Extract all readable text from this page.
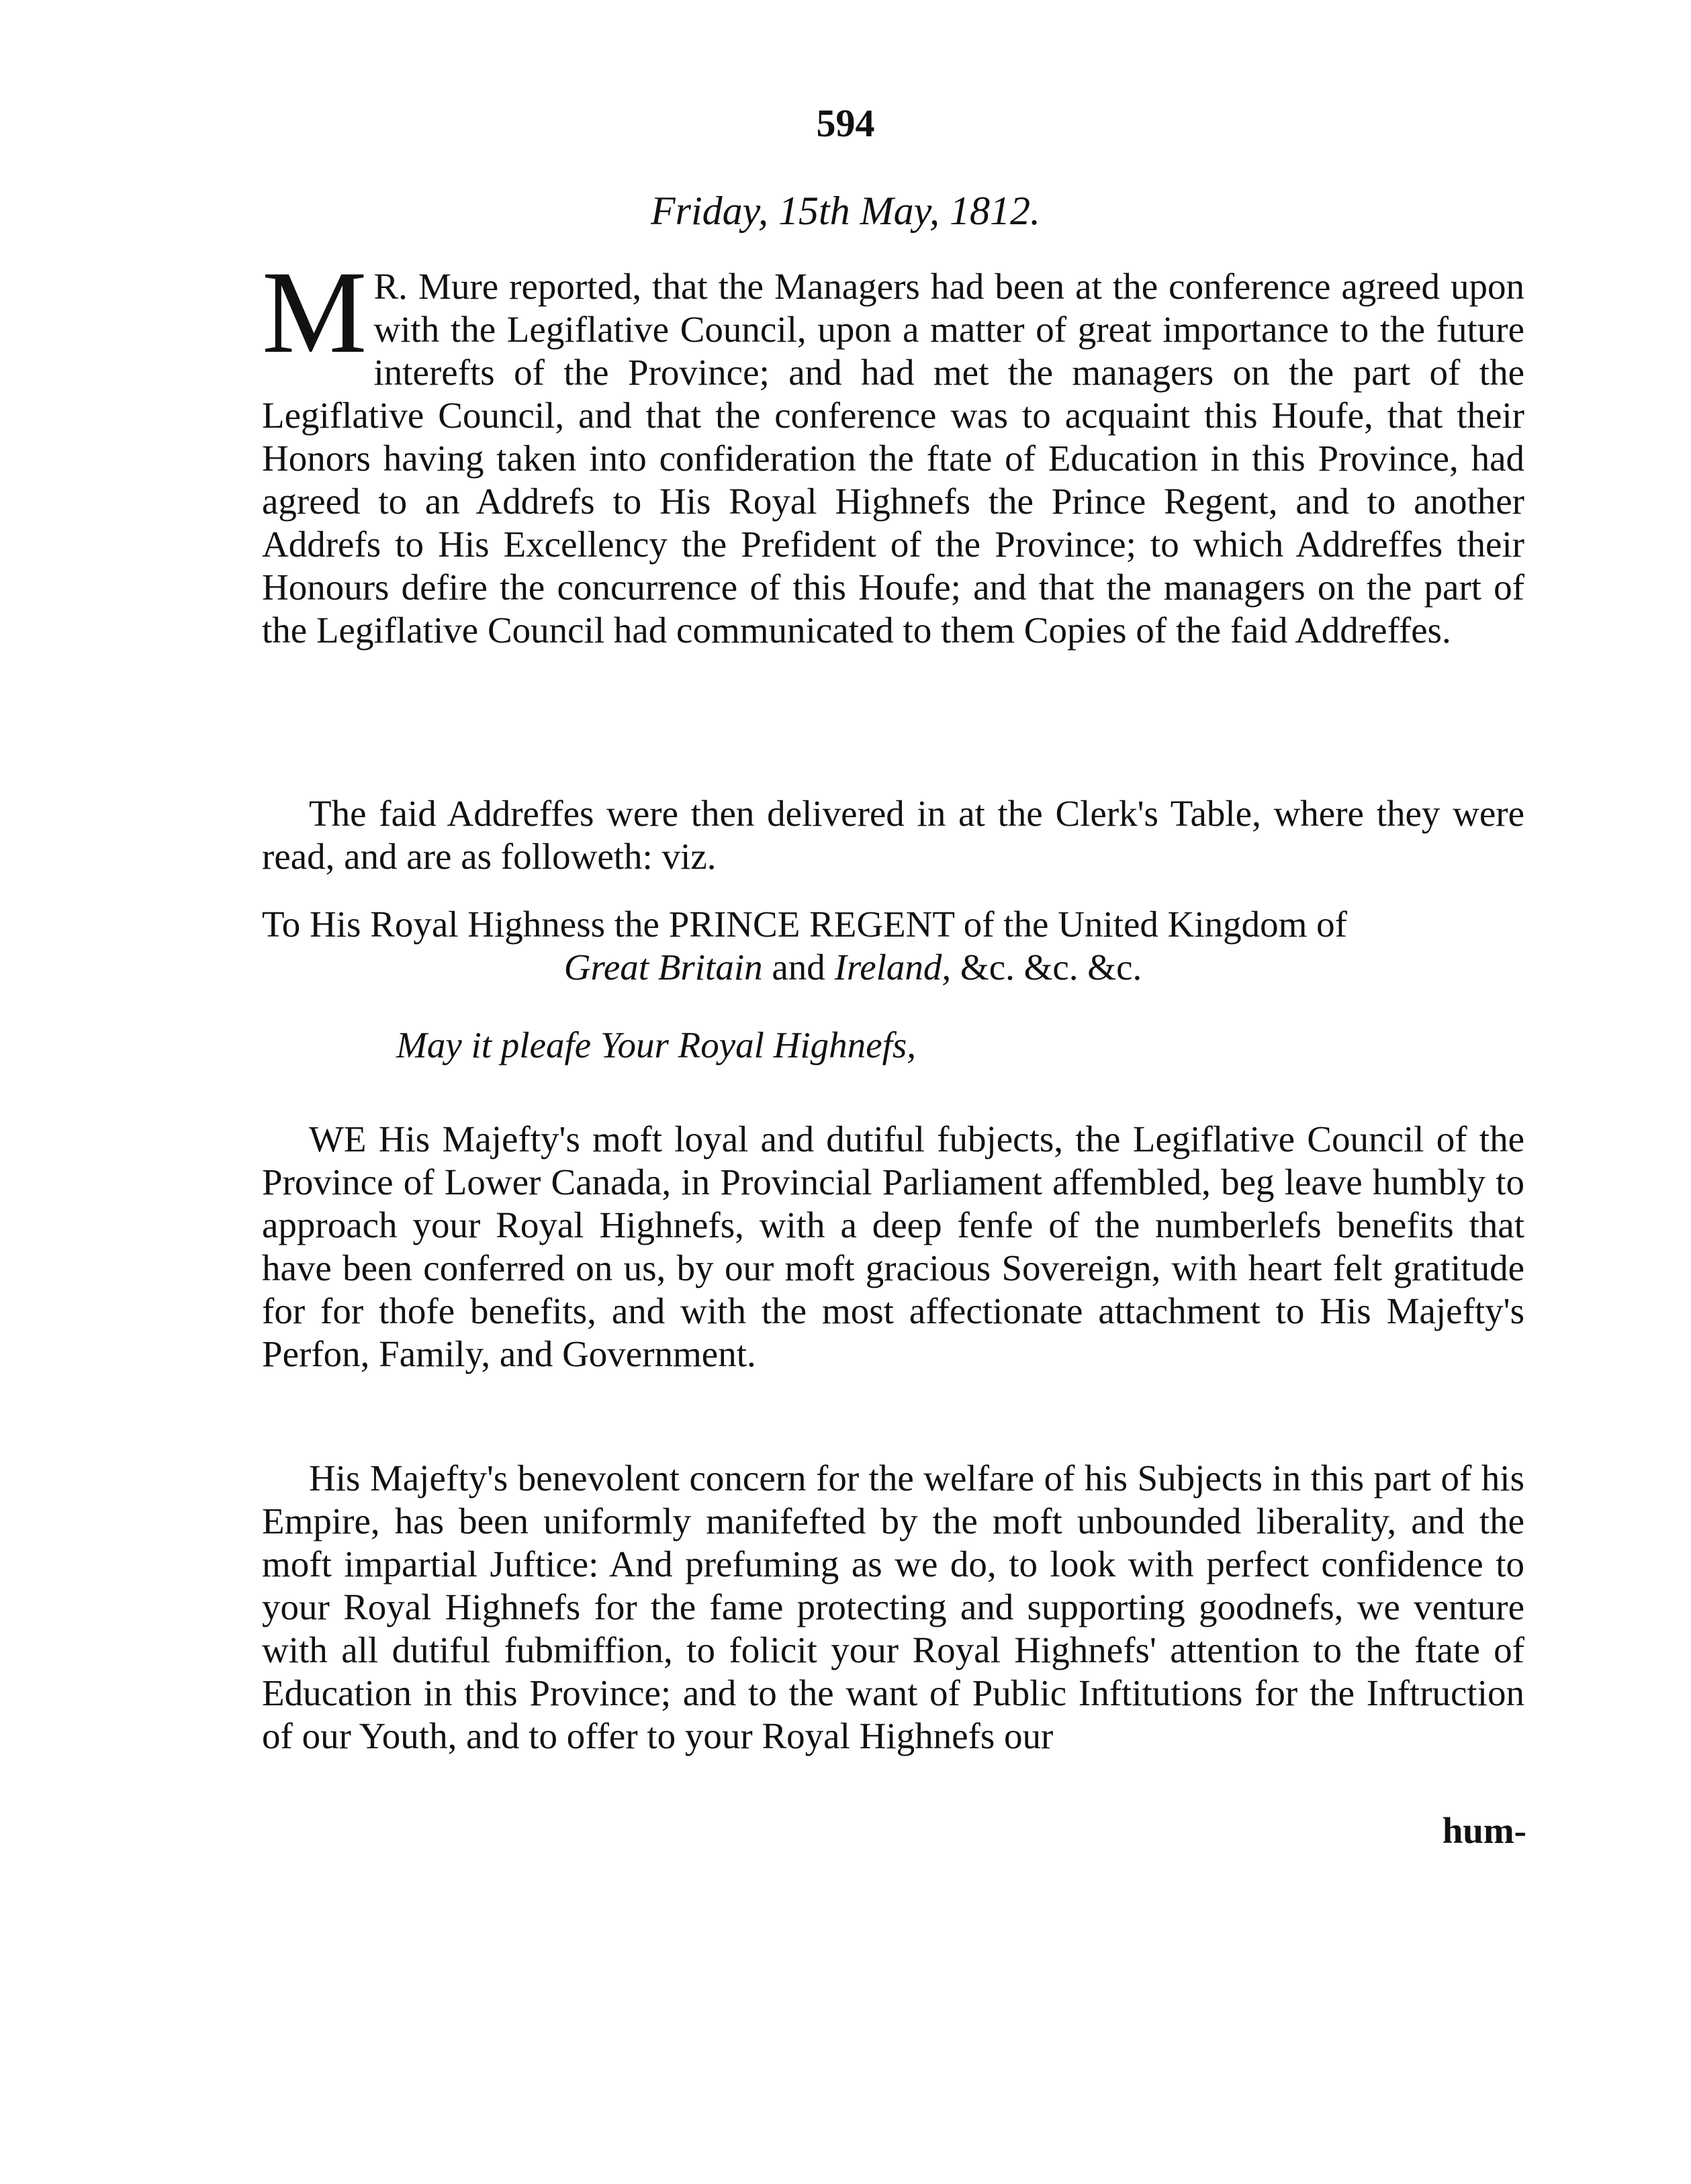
594

Friday, 15th May, 1812.

M R. Mure reported, that the Managers had been at the conference agreed upon with the Legiflative Council, upon a matter of great importance to the future interefts of the Province; and had met the managers on the part of the Legiflative Council, and that the conference was to acquaint this Houfe, that their Honors having taken into confideration the ftate of Education in this Province, had agreed to an Addrefs to His Royal Highnefs the Prince Regent, and to another Addrefs to His Excellency the Prefident of the Province; to which Addreffes their Honours defire the concurrence of this Houfe; and that the managers on the part of the Legiflative Council had communicated to them Copies of the faid Addreffes.

The faid Addreffes were then delivered in at the Clerk's Table, where they were read, and are as followeth: viz.

To His Royal Highness the PRINCE REGENT of the United Kingdom of
Great Britain and Ireland, &c. &c. &c.

May it pleafe Your Royal Highnefs,

WE His Majefty's moft loyal and dutiful fubjects, the Legiflative Council of the Province of Lower Canada, in Provincial Parliament affembled, beg leave humbly to approach your Royal Highnefs, with a deep fenfe of the numberlefs benefits that have been conferred on us, by our moft gracious Sovereign, with heart felt gratitude for for thofe benefits, and with the most affectionate attachment to His Majefty's Perfon, Family, and Government.

His Majefty's benevolent concern for the welfare of his Subjects in this part of his Empire, has been uniformly manifefted by the moft unbounded liberality, and the moft impartial Juftice: And prefuming as we do, to look with perfect confidence to your Royal Highnefs for the fame protecting and supporting goodnefs, we venture with all dutiful fubmiffion, to folicit your Royal Highnefs' attention to the ftate of Education in this Province; and to the want of Public Inftitutions for the Inftruction of our Youth, and to offer to your Royal Highnefs our

hum-
